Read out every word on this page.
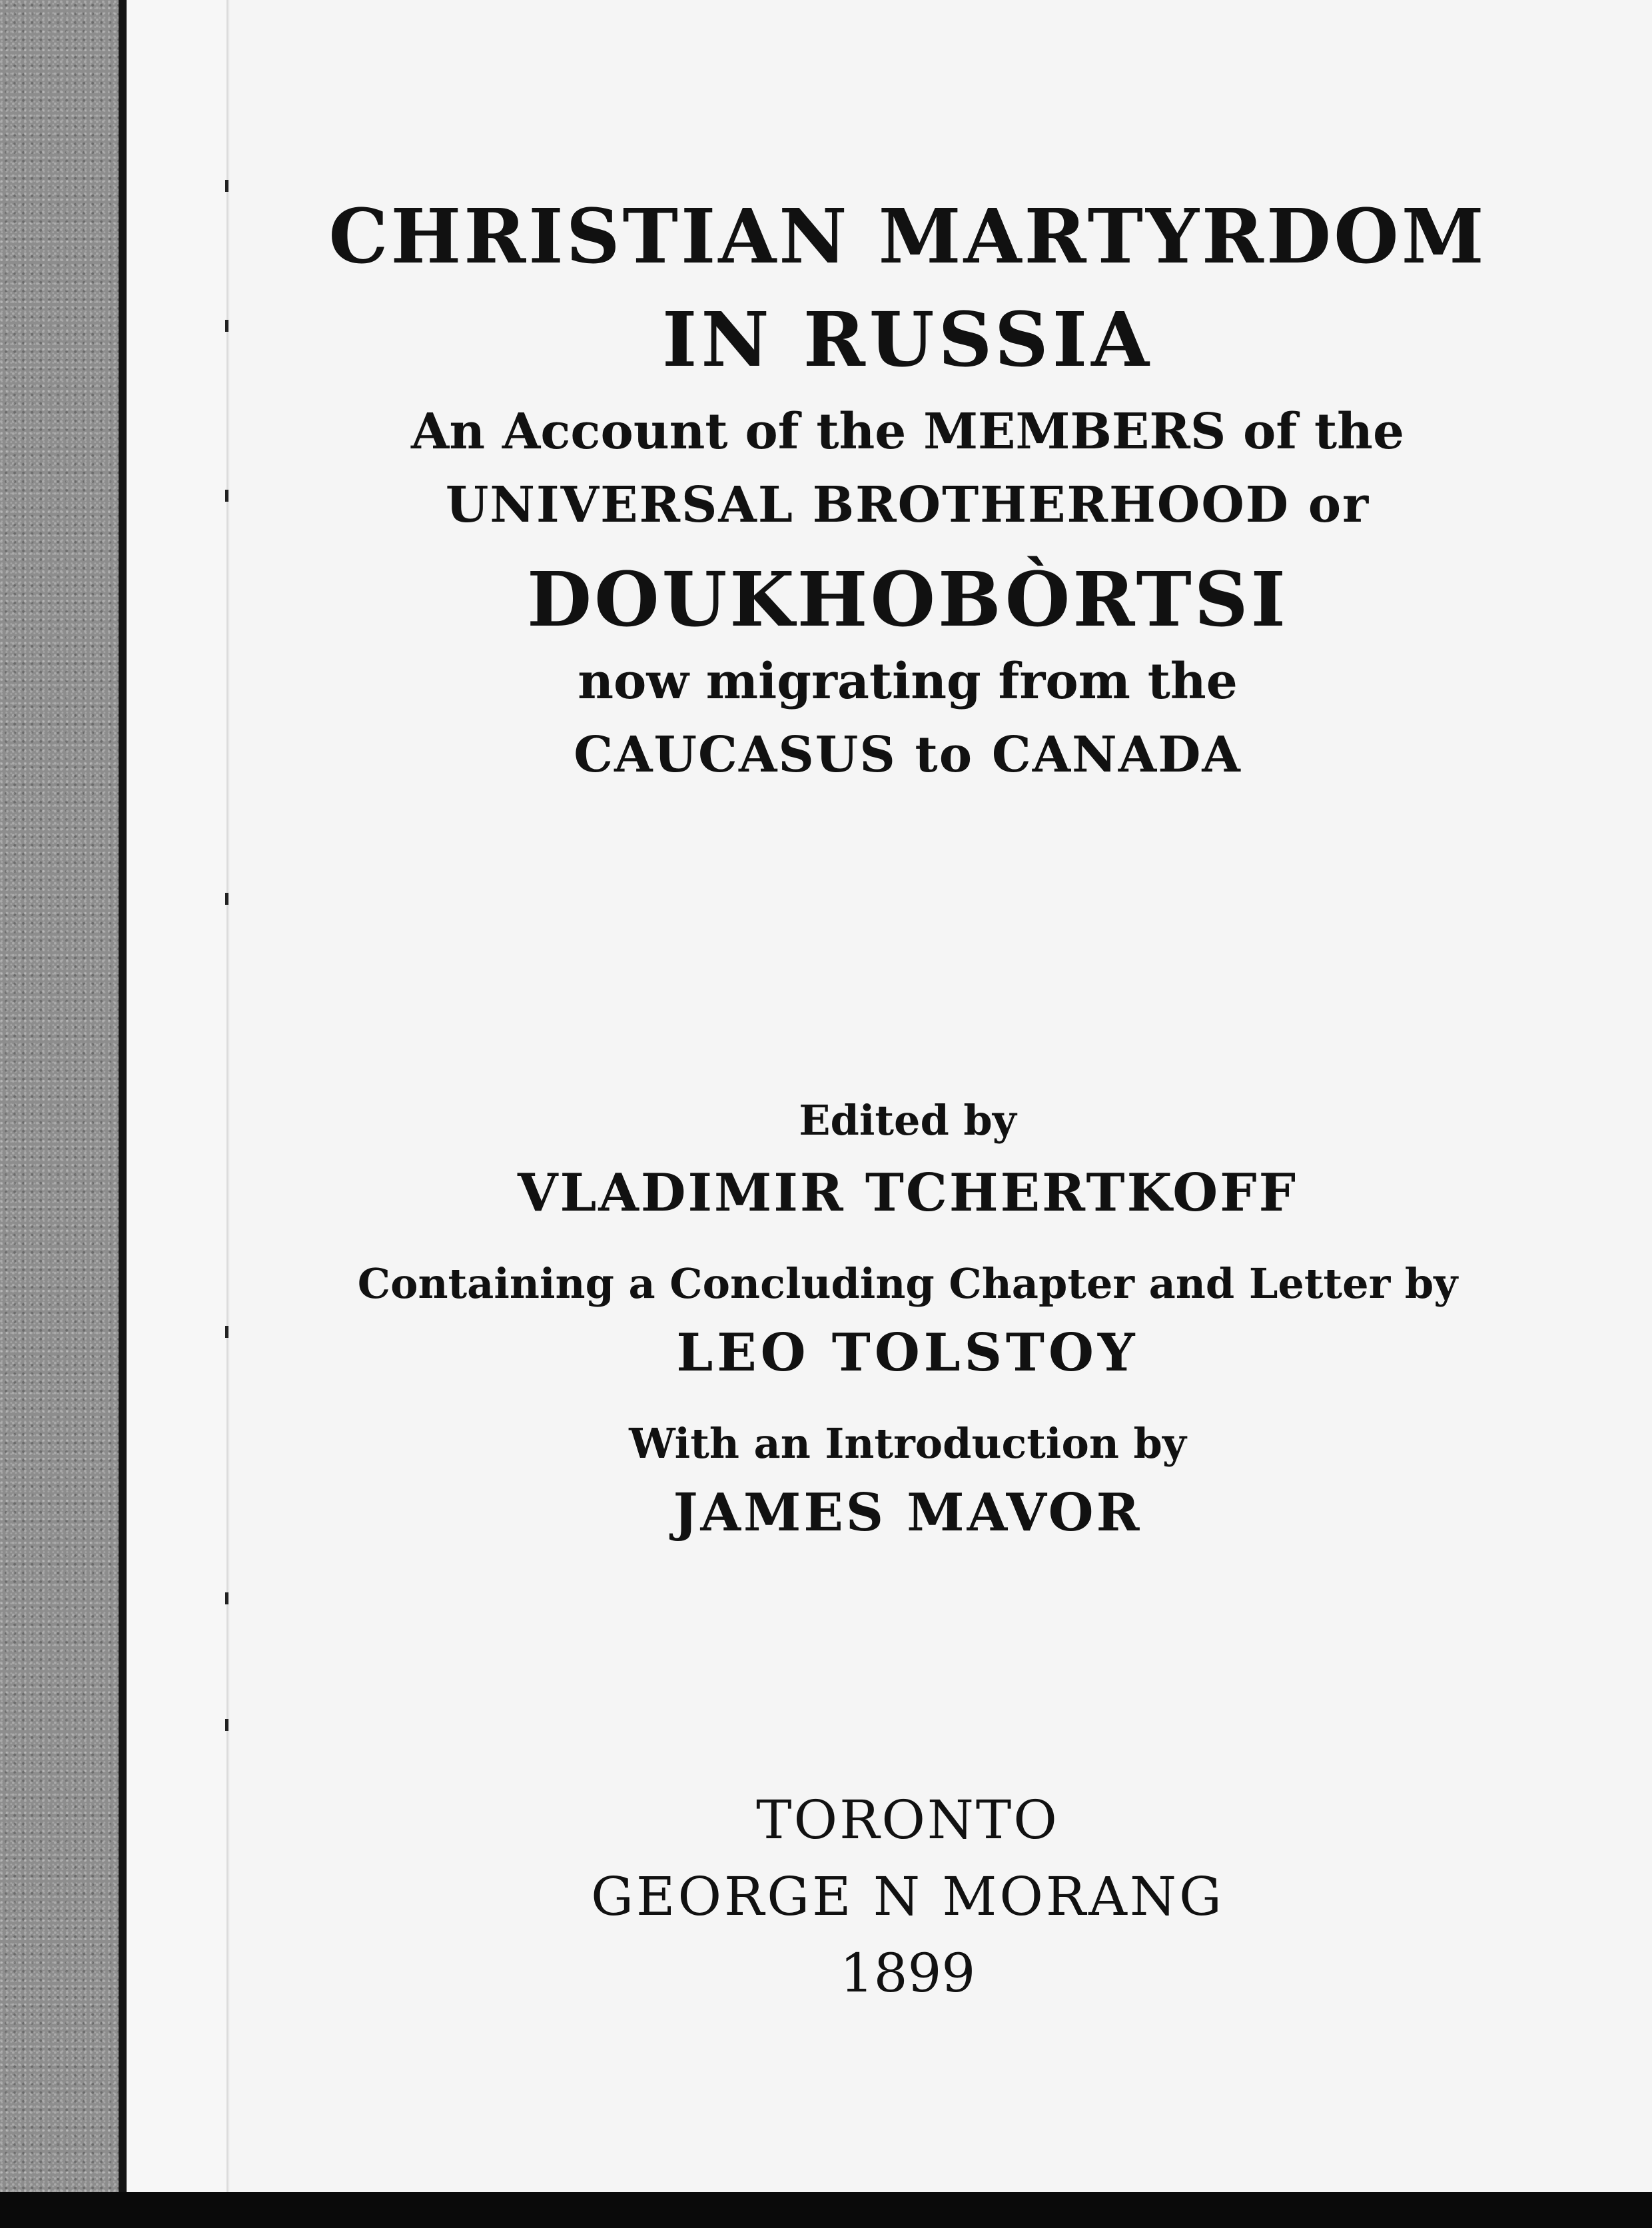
CHRISTIAN MARTYRDOM
IN RUSSIA
An Account of the MEMBERS of the
UNIVERSAL BROTHERHOOD or
DOUKHOBÒRTSI
now migrating from the
CAUCASUS to CANADA
Edited by
VLADIMIR TCHERTKOFF
Containing a Concluding Chapter and Letter by
LEO TOLSTOY
With an Introduction by
JAMES MAVOR
TORONTO
GEORGE N MORANG
1899
